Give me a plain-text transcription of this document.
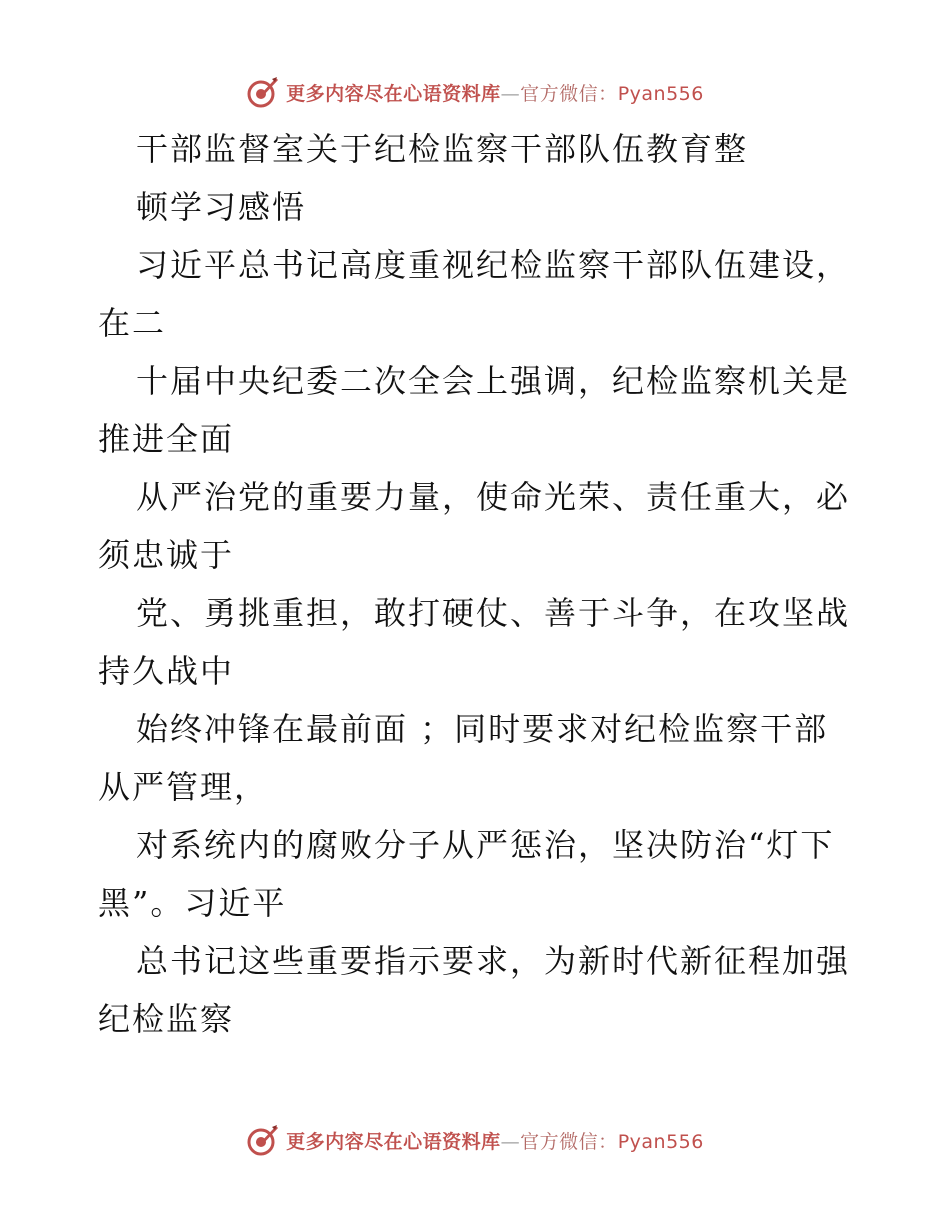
更多内容尽在心语资料库—官方微信：Pyan556
干部监督室关于纪检监察干部队伍教育整
顿学习感悟
习近平总书记高度重视纪检监察干部队伍建设，
在二
十届中央纪委二次全会上强调，纪检监察机关是
推进全面
从严治党的重要力量，使命光荣、责任重大，必
须忠诚于
党、勇挑重担，敢打硬仗、善于斗争，在攻坚战
持久战中
始终冲锋在最前面 ；同时要求对纪检监察干部
从严管理，
对系统内的腐败分子从严惩治，坚决防治“灯下
黑”。习近平
总书记这些重要指示要求，为新时代新征程加强
纪检监察
更多内容尽在心语资料库—官方微信：Pyan556
